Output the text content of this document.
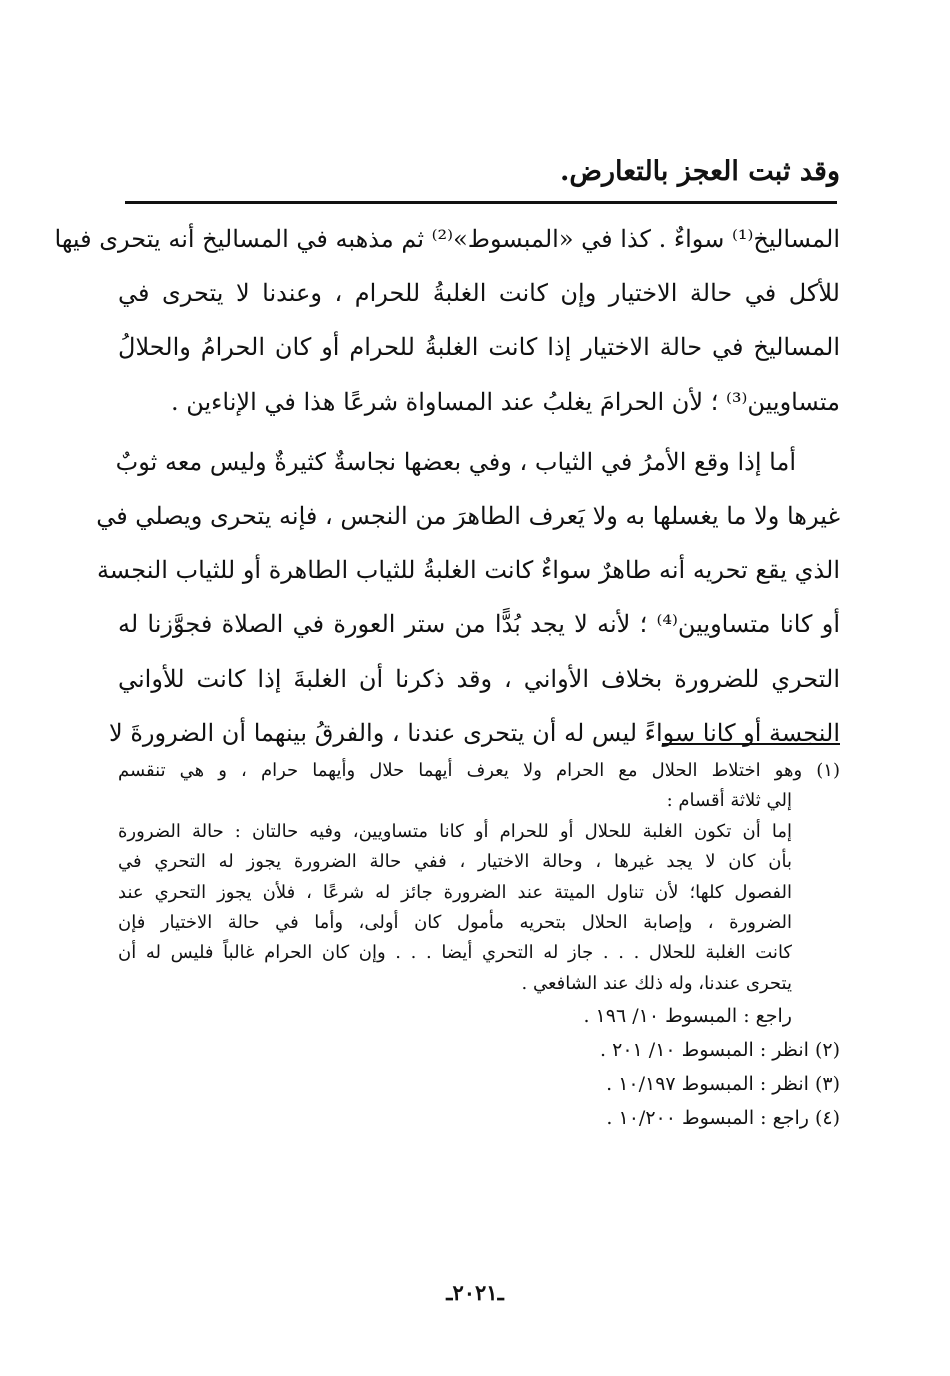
وقد ثبت العجز بالتعارض.
المساليخ⁽¹⁾ سواءٌ . كذا في «المبسوط»⁽²⁾ ثم مذهبه في المساليخ أنه يتحرى فيها
للأكل في حالة الاختيار وإن كانت الغلبةُ للحرام ، وعندنا لا يتحرى في
المساليخ في حالة الاختيار إذا كانت الغلبةُ للحرام أو كان الحرامُ والحلالُ
متساويين⁽³⁾ ؛ لأن الحرامَ يغلبُ عند المساواة شرعًا هذا في الإناءين .
أما إذا وقع الأمرُ في الثياب ، وفي بعضها نجاسةٌ كثيرةٌ وليس معه ثوبٌ
غيرها ولا ما يغسلها به ولا يَعرف الطاهرَ من النجس ، فإنه يتحرى ويصلي في
الذي يقع تحريه أنه طاهرٌ سواءٌ كانت الغلبةُ للثياب الطاهرة أو للثياب النجسة
أو كانا متساويين⁽⁴⁾ ؛ لأنه لا يجد بُدًّا من ستر العورة في الصلاة فجوَّزنا له
التحري للضرورة بخلاف الأواني ، وقد ذكرنا أن الغلبةَ إذا كانت للأواني
النجسة أو كانا سواءً ليس له أن يتحرى عندنا ، والفرقُ بينهما أن الضرورةَ لا
(١) وهو اختلاط الحلال مع الحرام ولا يعرف أيهما حلال وأيهما حرام ، و هي تنقسم
إلي ثلاثة أقسام :
إما أن تكون الغلبة للحلال أو للحرام أو كانا متساويين، وفيه حالتان : حالة الضرورة
بأن كان لا يجد غيرها ، وحالة الاختيار ، ففي حالة الضرورة يجوز له التحري في
الفصول كلها؛ لأن تناول الميتة عند الضرورة جائز له شرعًا ، فلأن يجوز التحري عند
الضرورة ، وإصابة الحلال بتحريه مأمول كان أولى، وأما في حالة الاختيار فإن
كانت الغلبة للحلال . . . جاز له التحري أيضا . . . وإن كان الحرام غالباً فليس له أن
يتحرى عندنا، وله ذلك عند الشافعي .
راجع : المبسوط ١٠/ ١٩٦ .
(٢) انظر : المبسوط ١٠/ ٢٠١ .
(٣) انظر : المبسوط ١٠/١٩٧ .
(٤) راجع : المبسوط ١٠/٢٠٠ .
ـ٢٠٢١ـ
